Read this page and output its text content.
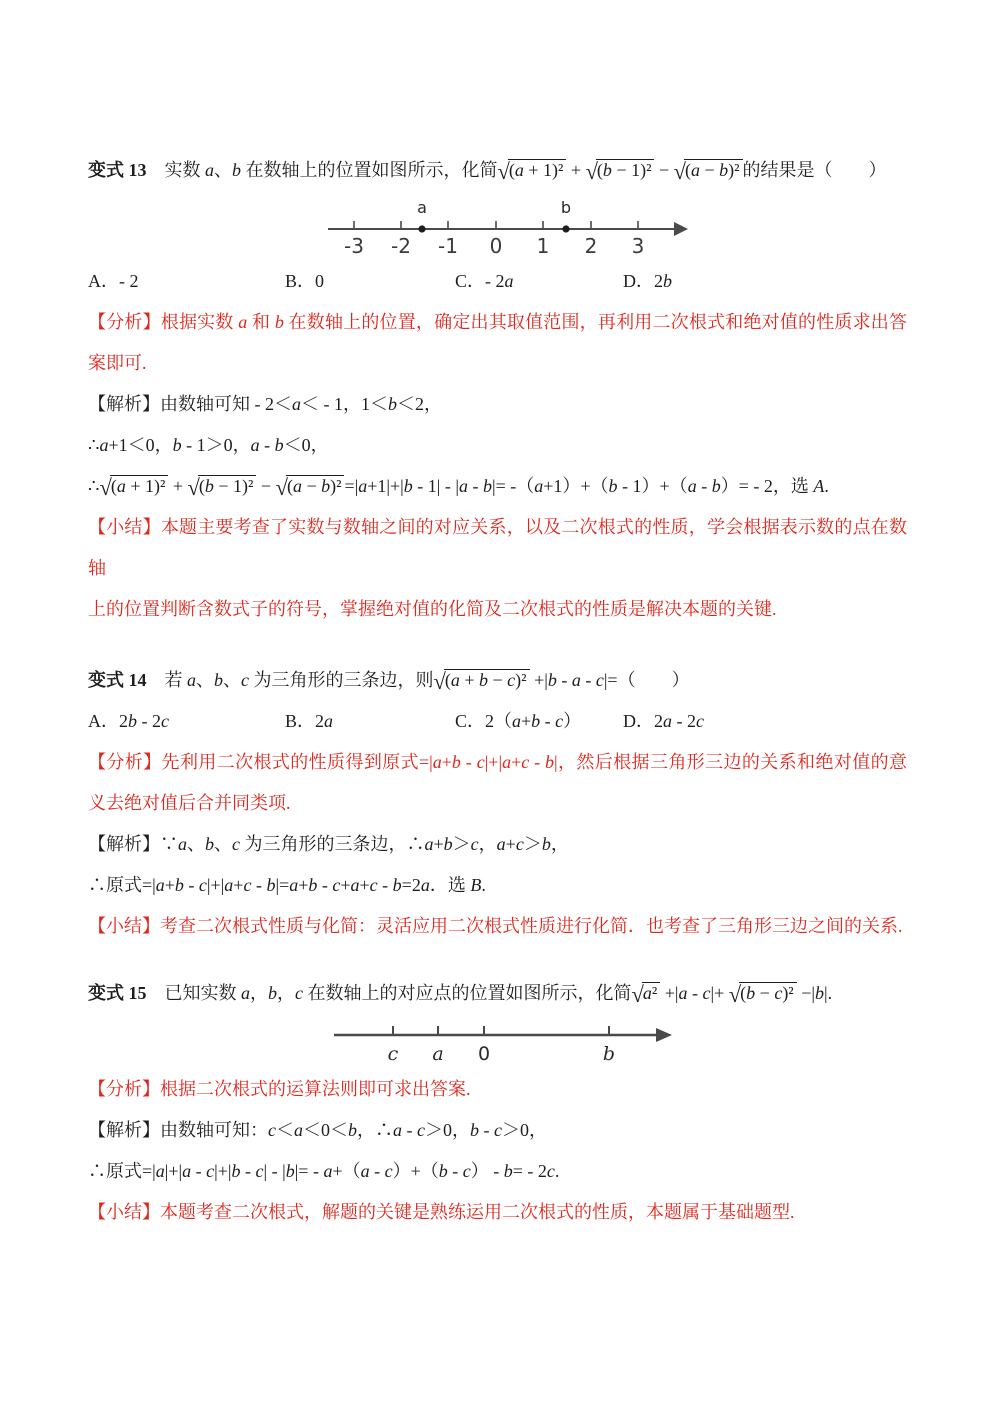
变式 13　实数 a、b 在数轴上的位置如图所示，化简√(a + 1)² + √(b − 1)² − √(a − b)² 的结果是（　　）

-3 -2 -1 0 1 2 3
a	b
A．- 2	B．0	C．- 2a	D．2b

【分析】根据实数 a 和 b 在数轴上的位置，确定出其取值范围，再利用二次根式和绝对值的性质求出答案即可.

【解析】由数轴可知 - 2＜a＜ - 1，1＜b＜2，

∴a+1＜0，b - 1＞0，a - b＜0，

∴√(a + 1)² + √(b − 1)² − √(a − b)² =|a+1|+|b - 1| - |a - b|= -（a+1）+（b - 1）+（a - b）= - 2，选 A.

【小结】本题主要考查了实数与数轴之间的对应关系，以及二次根式的性质，学会根据表示数的点在数轴

上的位置判断含数式子的符号，掌握绝对值的化简及二次根式的性质是解决本题的关键.

变式 14　若 a、b、c 为三角形的三条边，则√(a + b − c)² +|b - a - c|=（　　）

A．2b - 2c	B．2a	C．2（a+b - c）	D．2a - 2c

【分析】先利用二次根式的性质得到原式=|a+b - c|+|a+c - b|，然后根据三角形三边的关系和绝对值的意义去绝对值后合并同类项.

【解析】∵a、b、c 为三角形的三条边，∴a+b＞c，a+c＞b，

∴原式=|a+b - c|+|a+c - b|=a+b - c+a+c - b=2a．选 B.

【小结】考查二次根式性质与化简：灵活应用二次根式性质进行化简．也考查了三角形三边之间的关系.

变式 15　已知实数 a，b，c 在数轴上的对应点的位置如图所示，化简√a² +|a - c|+ √(b − c)² −|b|.

c a 0	b

【分析】根据二次根式的运算法则即可求出答案.

【解析】由数轴可知：c＜a＜0＜b，∴a - c＞0，b - c＞0，

∴原式=|a|+|a - c|+|b - c| - |b|= - a+（a - c）+（b - c） - b= - 2c.

【小结】本题考查二次根式，解题的关键是熟练运用二次根式的性质，本题属于基础题型.
